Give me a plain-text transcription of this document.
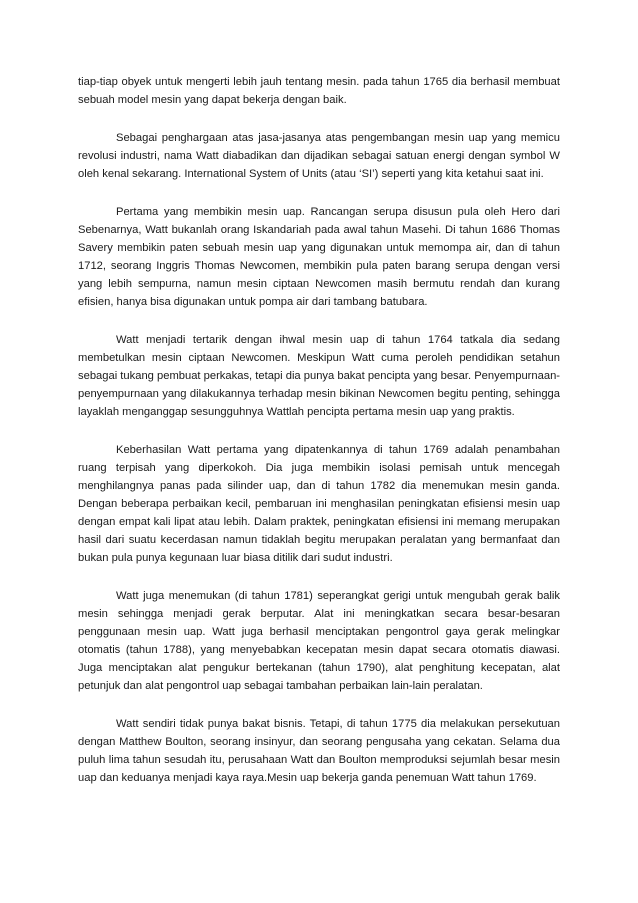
tiap-tiap obyek untuk mengerti lebih jauh tentang mesin. pada tahun 1765 dia berhasil membuat sebuah model mesin yang dapat bekerja dengan baik.

Sebagai penghargaan atas jasa-jasanya atas pengembangan mesin uap yang memicu revolusi industri, nama Watt diabadikan dan dijadikan sebagai satuan energi dengan symbol W oleh kenal sekarang. International System of Units (atau ‘SI’) seperti yang kita ketahui saat ini.

Pertama yang membikin mesin uap. Rancangan serupa disusun pula oleh Hero dari Sebenarnya, Watt bukanlah orang Iskandariah pada awal tahun Masehi. Di tahun 1686 Thomas Savery membikin paten sebuah mesin uap yang digunakan untuk memompa air, dan di tahun 1712, seorang Inggris Thomas Newcomen, membikin pula paten barang serupa dengan versi yang lebih sempurna, namun mesin ciptaan Newcomen masih bermutu rendah dan kurang efisien, hanya bisa digunakan untuk pompa air dari tambang batubara.

Watt menjadi tertarik dengan ihwal mesin uap di tahun 1764 tatkala dia sedang membetulkan mesin ciptaan Newcomen. Meskipun Watt cuma peroleh pendidikan setahun sebagai tukang pembuat perkakas, tetapi dia punya bakat pencipta yang besar. Penyempurnaan-penyempurnaan yang dilakukannya terhadap mesin bikinan Newcomen begitu penting, sehingga layaklah menganggap sesungguhnya Wattlah pencipta pertama mesin uap yang praktis.

Keberhasilan Watt pertama yang dipatenkannya di tahun 1769 adalah penambahan ruang terpisah yang diperkokoh. Dia juga membikin isolasi pemisah untuk mencegah menghilangnya panas pada silinder uap, dan di tahun 1782 dia menemukan mesin ganda. Dengan beberapa perbaikan kecil, pembaruan ini menghasilan peningkatan efisiensi mesin uap dengan empat kali lipat atau lebih. Dalam praktek, peningkatan efisiensi ini memang merupakan hasil dari suatu kecerdasan namun tidaklah begitu merupakan peralatan yang bermanfaat dan bukan pula punya kegunaan luar biasa ditilik dari sudut industri.

Watt juga menemukan (di tahun 1781) seperangkat gerigi untuk mengubah gerak balik mesin sehingga menjadi gerak berputar. Alat ini meningkatkan secara besar-besaran penggunaan mesin uap. Watt juga berhasil menciptakan pengontrol gaya gerak melingkar otomatis (tahun 1788), yang menyebabkan kecepatan mesin dapat secara otomatis diawasi. Juga menciptakan alat pengukur bertekanan (tahun 1790), alat penghitung kecepatan, alat petunjuk dan alat pengontrol uap sebagai tambahan perbaikan lain-lain peralatan.

Watt sendiri tidak punya bakat bisnis. Tetapi, di tahun 1775 dia melakukan persekutuan dengan Matthew Boulton, seorang insinyur, dan seorang pengusaha yang cekatan. Selama dua puluh lima tahun sesudah itu, perusahaan Watt dan Boulton memproduksi sejumlah besar mesin uap dan keduanya menjadi kaya raya.Mesin uap bekerja ganda penemuan Watt tahun 1769.
